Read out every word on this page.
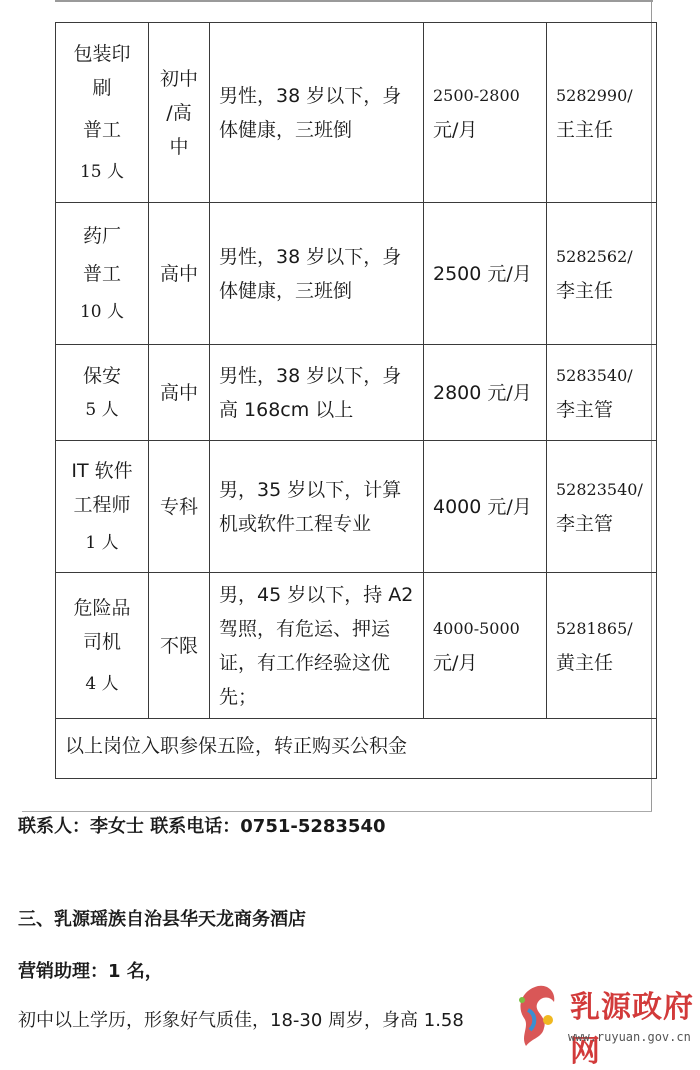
包装印
刷
普工
15 人	初中
/高
中	男性，38 岁以下，身
体健康，三班倒	2500-2800
元/月	5282990/
王主任

药厂
普工
10 人	高中	男性，38 岁以下，身
体健康，三班倒	2500 元/月	5282562/
李主任

保安
5 人	高中	男性，38 岁以下，身
高 168cm 以上	2800 元/月	5283540/
李主管

IT 软件
工程师
1 人	专科	男，35 岁以下，计算
机或软件工程专业	4000 元/月	52823540/
李主管

危险品
司机
4 人	不限	男，45 岁以下，持 A2
驾照，有危运、押运
证，有工作经验这优
先；	4000-5000
元/月	5281865/
黄主任

以上岗位入职参保五险，转正购买公积金				
联系人：李女士 联系电话：0751-5283540
三、乳源瑶族自治县华天龙商务酒店
营销助理：1 名，
初中以上学历，形象好气质佳，18-30 周岁，身高 1.58	乳源政府网
www.ruyuan.gov.cn
